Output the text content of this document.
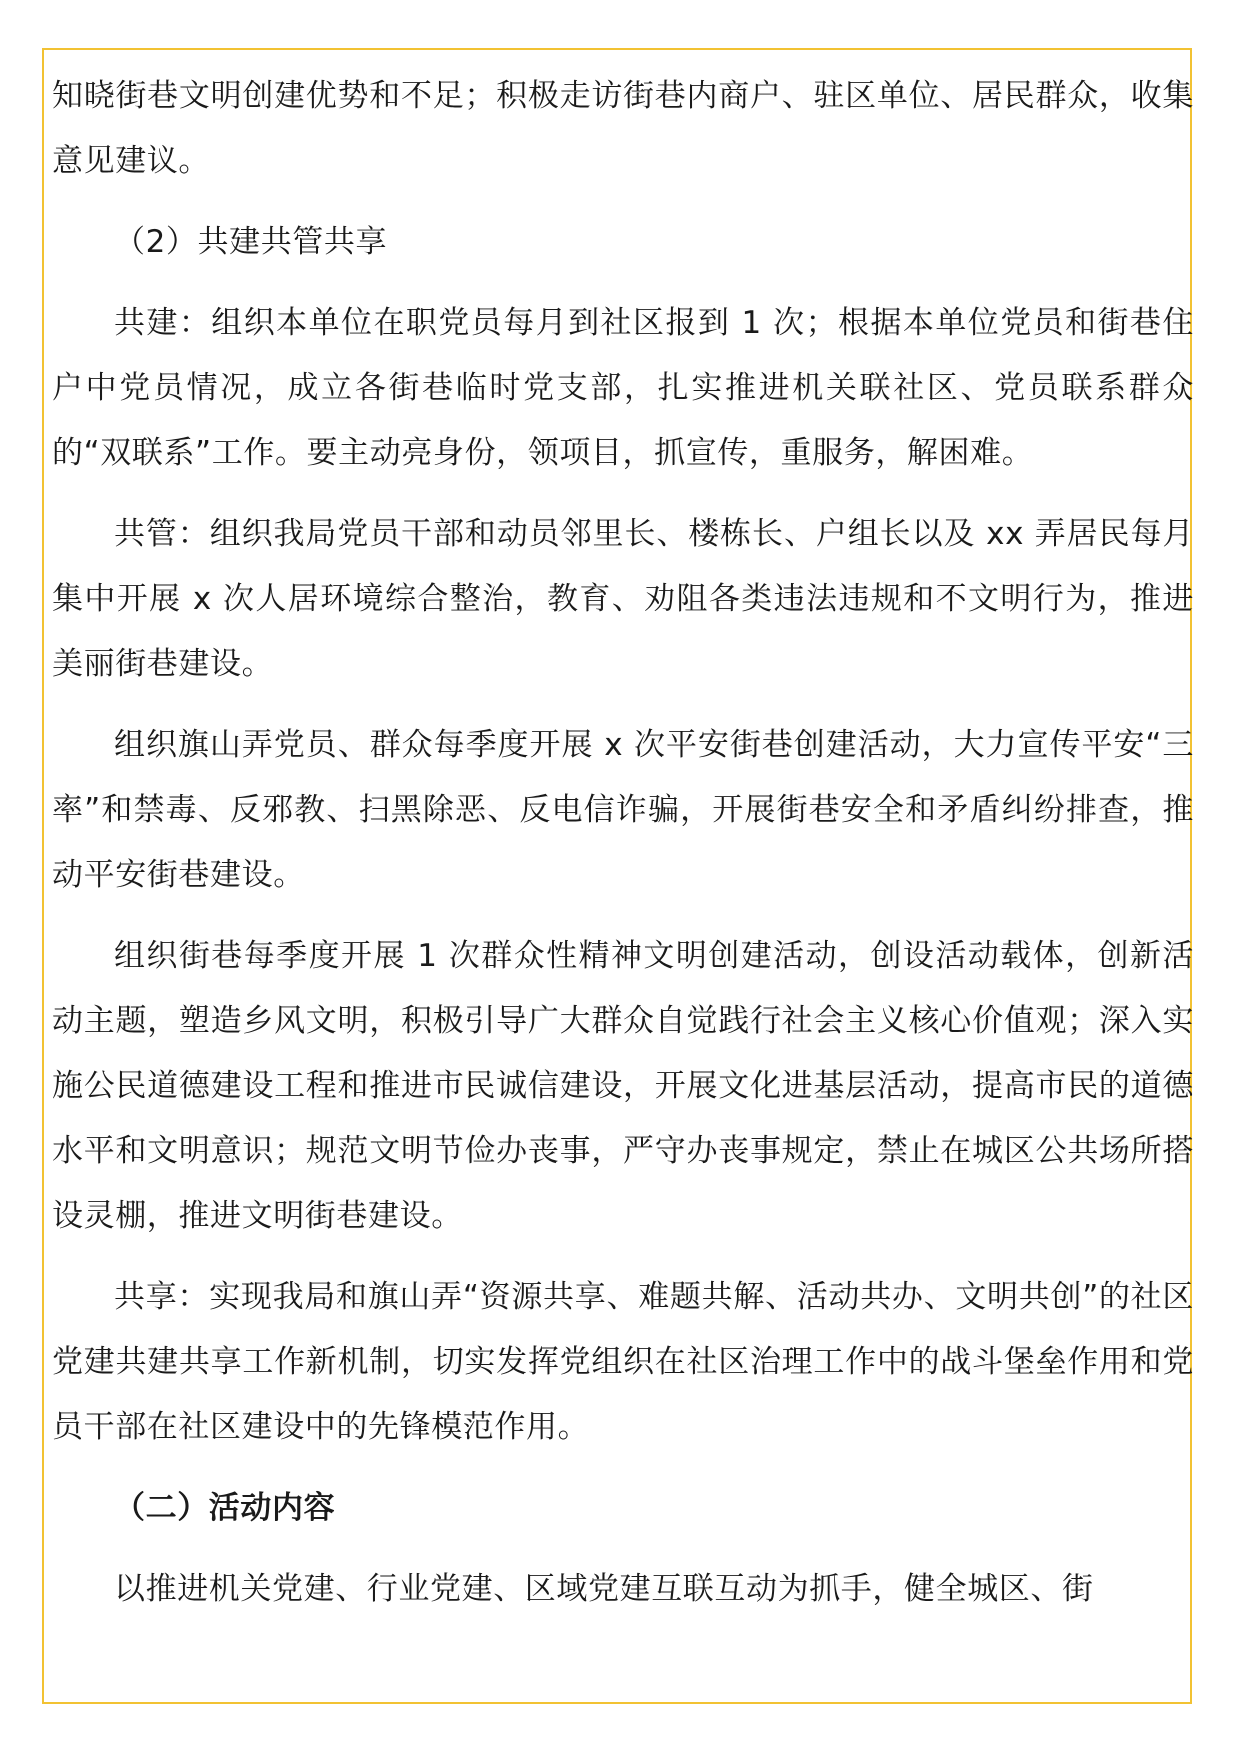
知晓街巷文明创建优势和不足；积极走访街巷内商户、驻区单位、居民群众，收集意见建议。

（2）共建共管共享

共建：组织本单位在职党员每月到社区报到 1 次；根据本单位党员和街巷住户中党员情况，成立各街巷临时党支部，扎实推进机关联社区、党员联系群众的“双联系”工作。要主动亮身份，领项目，抓宣传，重服务，解困难。

共管：组织我局党员干部和动员邻里长、楼栋长、户组长以及 xx 弄居民每月集中开展 x 次人居环境综合整治，教育、劝阻各类违法违规和不文明行为，推进美丽街巷建设。

组织旗山弄党员、群众每季度开展 x 次平安街巷创建活动，大力宣传平安“三率”和禁毒、反邪教、扫黑除恶、反电信诈骗，开展街巷安全和矛盾纠纷排查，推动平安街巷建设。

组织街巷每季度开展 1 次群众性精神文明创建活动，创设活动载体，创新活动主题，塑造乡风文明，积极引导广大群众自觉践行社会主义核心价值观；深入实施公民道德建设工程和推进市民诚信建设，开展文化进基层活动，提高市民的道德水平和文明意识；规范文明节俭办丧事，严守办丧事规定，禁止在城区公共场所搭设灵棚，推进文明街巷建设。

共享：实现我局和旗山弄“资源共享、难题共解、活动共办、文明共创”的社区党建共建共享工作新机制，切实发挥党组织在社区治理工作中的战斗堡垒作用和党员干部在社区建设中的先锋模范作用。

（二）活动内容

以推进机关党建、行业党建、区域党建互联互动为抓手，健全城区、街
